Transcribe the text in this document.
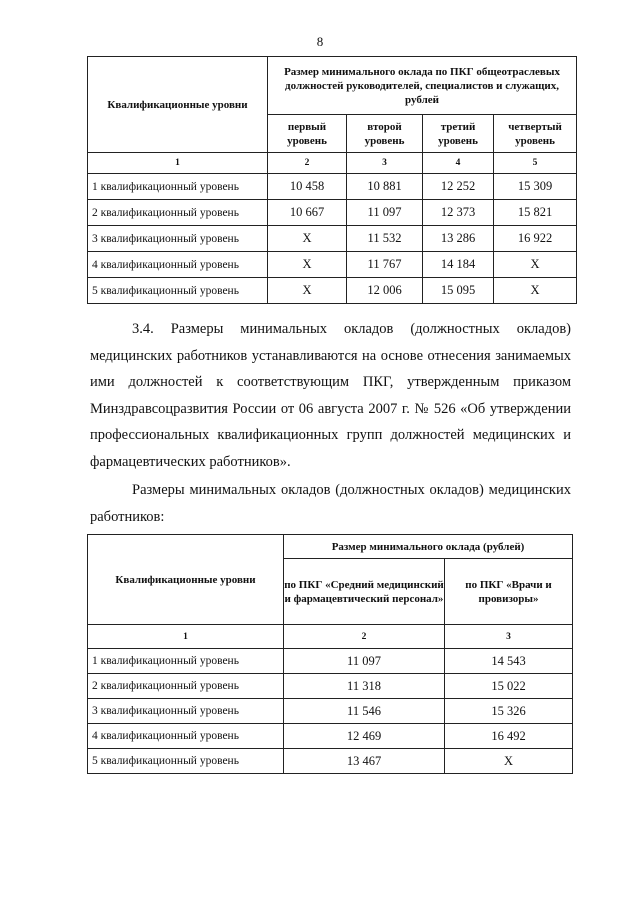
8
Квалификационные уровни	Размер минимального оклада по ПКГ общеотраслевых должностей руководителей, специалистов и служащих, рублей			
	первый уровень	второй уровень	третий уровень	четвертый уровень
1	2	3	4	5
1 квалификационный уровень	10 458	10 881	12 252	15 309
2 квалификационный уровень	10 667	11 097	12 373	15 821
3 квалификационный уровень	Х	11 532	13 286	16 922
4 квалификационный уровень	Х	11 767	14 184	Х
5 квалификационный уровень	Х	12 006	15 095	Х

3.4. Размеры минимальных окладов (должностных окладов) медицинских работников устанавливаются на основе отнесения занимаемых ими должностей к соответствующим ПКГ, утвержденным приказом Минздравсоцразвития России от 06 августа 2007 г. № 526 «Об утверждении профессиональных квалификационных групп должностей медицинских и фармацевтических работников».

Размеры минимальных окладов (должностных окладов) медицинских работников:

Квалификационные уровни	Размер минимального оклада (рублей)	
	по ПКГ «Средний медицинский и фармацевтический персонал»	по ПКГ «Врачи и провизоры»
1	2	3
1 квалификационный уровень	11 097	14 543
2 квалификационный уровень	11 318	15 022
3 квалификационный уровень	11 546	15 326
4 квалификационный уровень	12 469	16 492
5 квалификационный уровень	13 467	Х
